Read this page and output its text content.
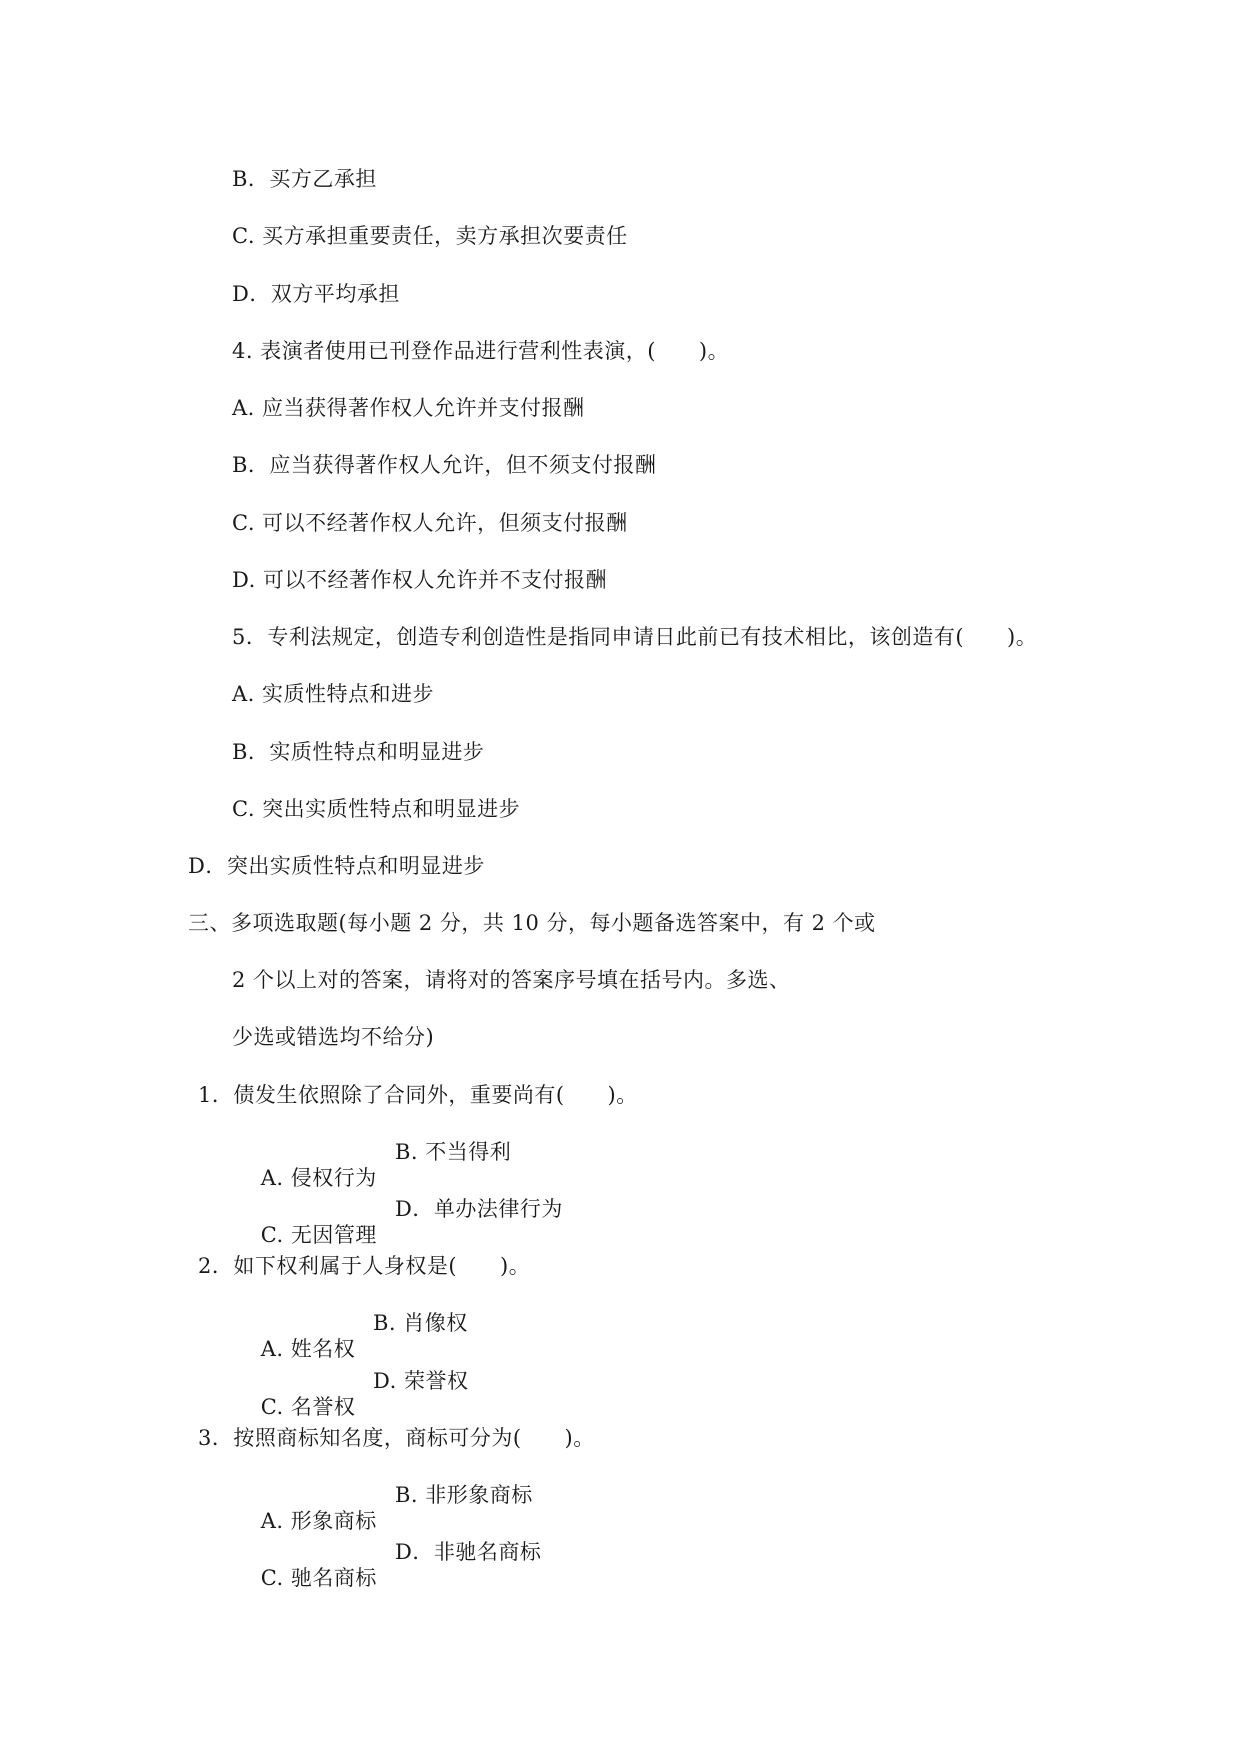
B．买方乙承担
C. 买方承担重要责任，卖方承担次要责任
D．双方平均承担
4. 表演者使用已刊登作品进行营利性表演，(　　)。
A. 应当获得著作权人允许并支付报酬
B．应当获得著作权人允许，但不须支付报酬
C. 可以不经著作权人允许，但须支付报酬
D. 可以不经著作权人允许并不支付报酬
5．专利法规定，创造专利创造性是指同申请日此前已有技术相比，该创造有(　　)。
A. 实质性特点和进步
B．实质性特点和明显进步
C. 突出实质性特点和明显进步
D．突出实质性特点和明显进步
三、多项选取题(每小题 2 分，共 10 分，每小题备选答案中，有 2 个或
2 个以上对的答案，请将对的答案序号填在括号内。多选、
少选或错选均不给分)
1．债发生依照除了合同外，重要尚有(　　)。

A. 侵权行为

B. 不当得利

C. 无因管理

D．单办法律行为

2．如下权利属于人身权是(　　)。

A. 姓名权

B. 肖像权

C. 名誉权

D. 荣誉权

3．按照商标知名度，商标可分为(　　)。

A. 形象商标

B. 非形象商标

C. 驰名商标

D．非驰名商标
